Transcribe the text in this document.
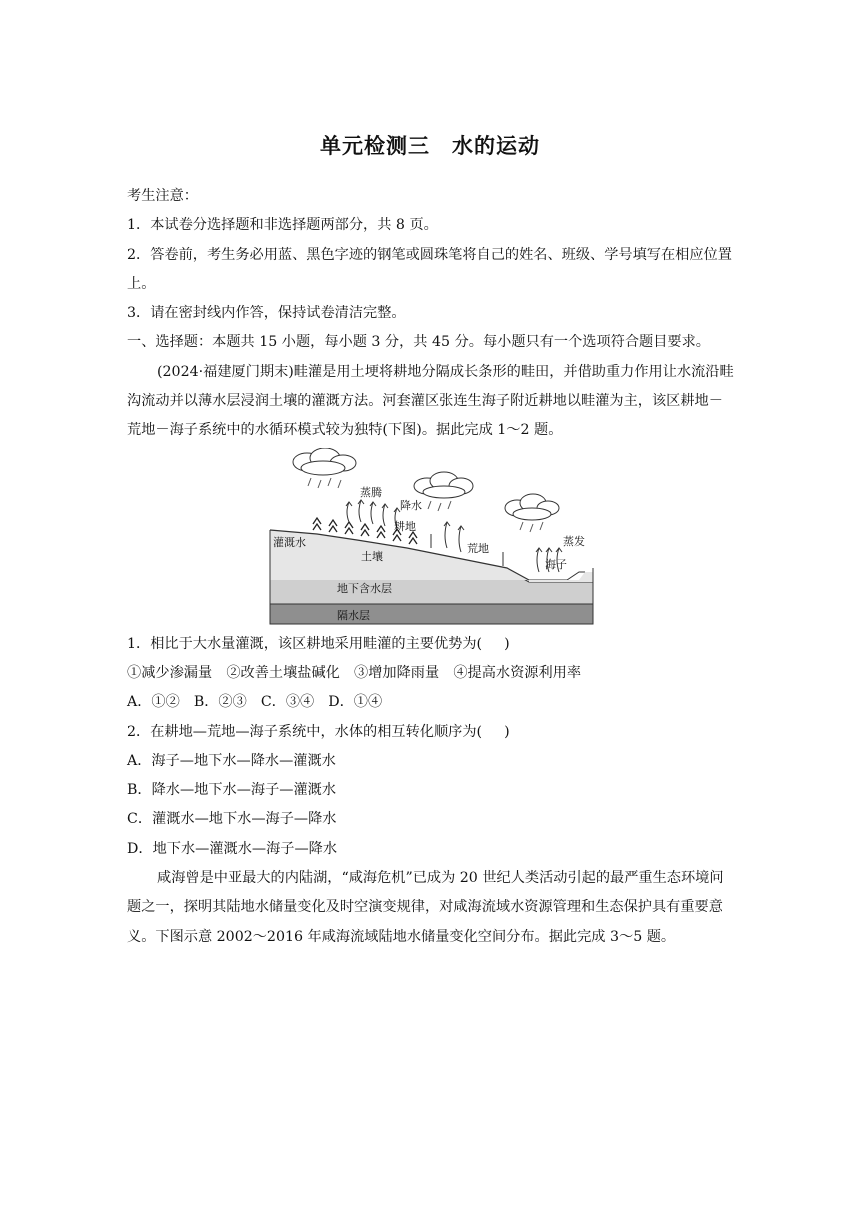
单元检测三 水的运动

考生注意：

1．本试卷分选择题和非选择题两部分，共 8 页。

2．答卷前，考生务必用蓝、黑色字迹的钢笔或圆珠笔将自己的姓名、班级、学号填写在相应位置上。

3．请在密封线内作答，保持试卷清洁完整。

一、选择题：本题共 15 小题，每小题 3 分，共 45 分。每小题只有一个选项符合题目要求。

(2024·福建厦门期末)畦灌是用土埂将耕地分隔成长条形的畦田，并借助重力作用让水流沿畦沟流动并以薄水层浸润土壤的灌溉方法。河套灌区张连生海子附近耕地以畦灌为主，该区耕地－荒地－海子系统中的水循环模式较为独特(下图)。据此完成 1～2 题。

蒸腾
降水
耕地
荒地
蒸发
灌溉水
土壤
海子
地下含水层
隔水层

1．相比于大水量灌溉，该区耕地采用畦灌的主要优势为( )

①减少渗漏量　②改善土壤盐碱化　③增加降雨量　④提高水资源利用率

A．①② B．②③ C．③④ D．①④

2．在耕地—荒地—海子系统中，水体的相互转化顺序为( )

A．海子—地下水—降水—灌溉水

B．降水—地下水—海子—灌溉水

C．灌溉水—地下水—海子—降水

D．地下水—灌溉水—海子—降水

咸海曾是中亚最大的内陆湖，“咸海危机”已成为 20 世纪人类活动引起的最严重生态环境问题之一，探明其陆地水储量变化及时空演变规律，对咸海流域水资源管理和生态保护具有重要意义。下图示意 2002～2016 年咸海流域陆地水储量变化空间分布。据此完成 3～5 题。
